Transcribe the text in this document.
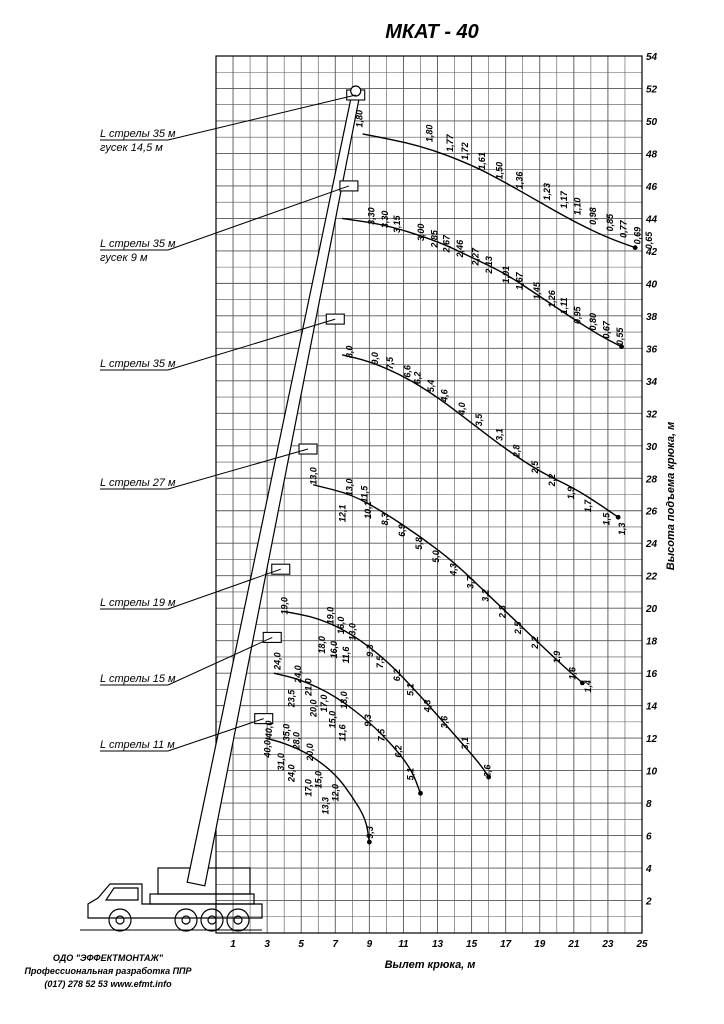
1,80
1,80
1,77 1,72
1,61
1,50
1,36
1,23 1,17 1,10
0,98 0,85 0,77 0,69 0,65
3,30 3,30 3,15 3,00 2,85 2,67 2,46 2,27 2,13
1,91 1,67
1,45 1,26 1,11
0,95 0,80 0,67 0,55
8,0
9,0 7,5
6,6
6,2
5,4
4,6
4,0
3,5
3,1
2,8
2,5
2,2
1,9
1,7
1,5
1,3
13,0
13,0 11,5
12,1 10,1
8,3
6,9
5,8
5,0
4,3
3,7
3,2
2,8
2,5
2,2
1,9
1,6
1,4
19,0
19,0
16,0 13,0
18,0 16,0 11,6 9,3
7,5
6,2
5,1
4,3
3,6
3,1
2,6
24,0
24,0
23,5
21,0
20,0 17,0
15,0
13,0
11,6
9,3
7,5
6,2
5,1
40,0
40,0
35,0
31,0
28,0
24,0
20,0
17,0 15,0
13,3
12,0
9,3
L стрелы 35 м
гусек 14,5 м
L стрелы 35 м
гусек 9 м
L стрелы 35 м
L стрелы 27 м
L стрелы 19 м
L стрелы 15 м
L стрелы 11 м
1	3	5	7	9	11 13 15 17 19 21 23 25
2
4
6
8
10
12
14
16
18
20
22
24
26
28
30
32
34
36
38
40
42
44
46
48
50
52
54
МКАТ - 40
Вылет крюка, м
Высота подъема крюка, м
ОДО "ЭФФЕКТМОНТАЖ"
Профессиональная разработка ППР
(017) 278 52 53 www.efmt.info
